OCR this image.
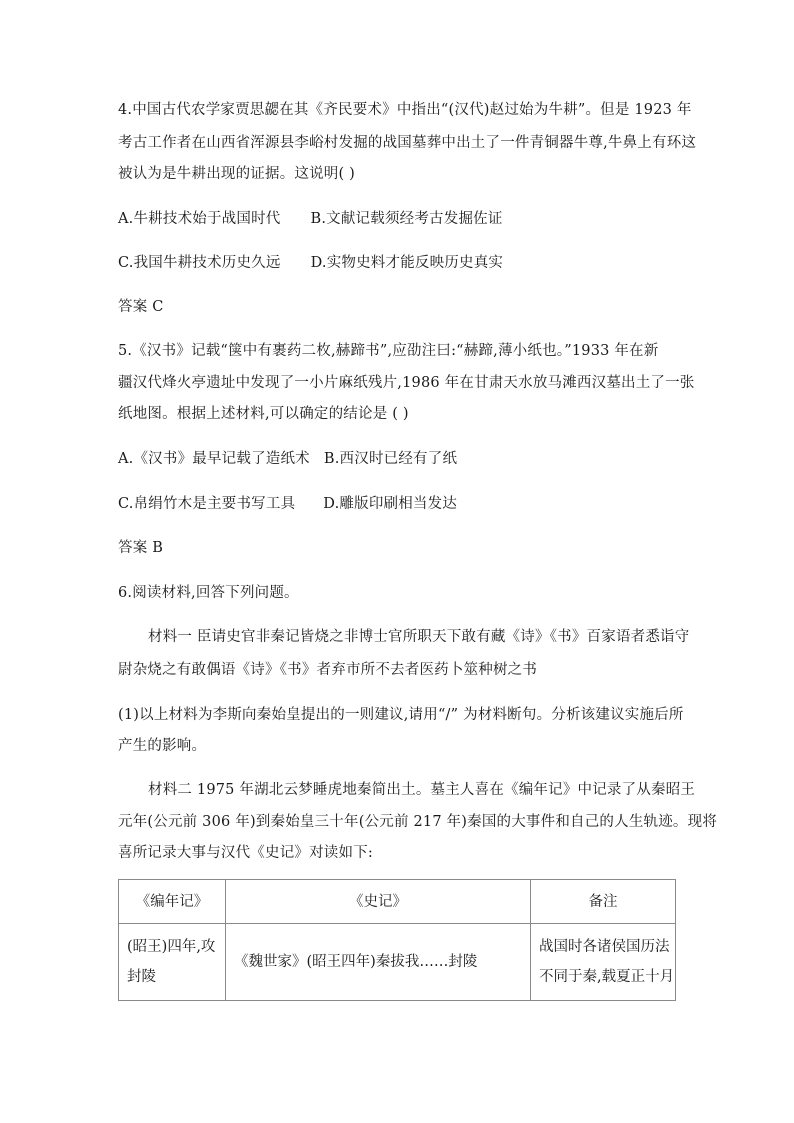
4.中国古代农学家贾思勰在其《齐民要术》中指出“(汉代)赵过始为牛耕”。但是 1923 年
考古工作者在山西省浑源县李峪村发掘的战国墓葬中出土了一件青铜器牛尊,牛鼻上有环这
被认为是牛耕出现的证据。这说明( )
A.牛耕技术始于战国时代 B.文献记载须经考古发掘佐证
C.我国牛耕技术历史久远 D.实物史料才能反映历史真实
答案 C
5.《汉书》记载“箧中有裹药二枚,赫蹄书”,应劭注曰:“赫蹄,薄小纸也。”1933 年在新
疆汉代烽火亭遗址中发现了一小片麻纸残片,1986 年在甘肃天水放马滩西汉墓出土了一张
纸地图。根据上述材料,可以确定的结论是 ( )
A.《汉书》最早记载了造纸术 B.西汉时已经有了纸
C.帛绢竹木是主要书写工具 D.雕版印刷相当发达
答案 B
6.阅读材料,回答下列问题。
材料一 臣请史官非秦记皆烧之非博士官所职天下敢有藏《诗》《书》百家语者悉诣守
尉杂烧之有敢偶语《诗》《书》者弃市所不去者医药卜筮种树之书
(1)以上材料为李斯向秦始皇提出的一则建议,请用“/” 为材料断句。分析该建议实施后所
产生的影响。
材料二 1975 年湖北云梦睡虎地秦简出土。墓主人喜在《编年记》中记录了从秦昭王
元年(公元前 306 年)到秦始皇三十年(公元前 217 年)秦国的大事件和自己的人生轨迹。现将
喜所记录大事与汉代《史记》对读如下:
《编年记》	《史记》	备注

(昭王)四年,攻
封陵	《魏世家》(昭王四年)秦拔我……封陵	战国时各诸侯国历法
不同于秦,载夏正十月
